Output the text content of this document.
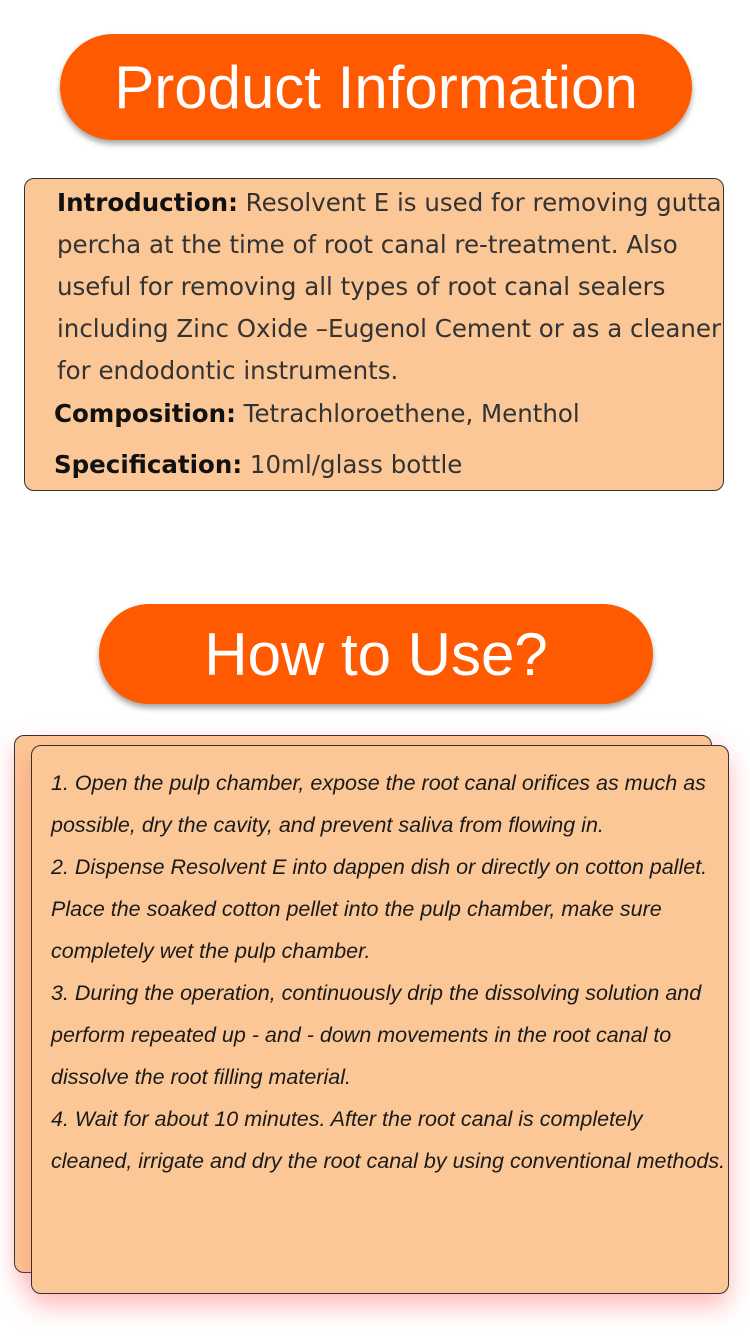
Product Information

Introduction: Resolvent E is used for removing gutta percha at the time of root canal re-treatment. Also useful for removing all types of root canal sealers including Zinc Oxide –Eugenol Cement or as a cleaner for endodontic instruments.

Composition: Tetrachloroethene, Menthol
Specification: 10ml/glass bottle
How to Use?
1. Open the pulp chamber, expose the root canal orifices as much as possible, dry the cavity, and prevent saliva from flowing in.
2. Dispense Resolvent E into dappen dish or directly on cotton pallet. Place the soaked cotton pellet into the pulp chamber, make sure completely wet the pulp chamber.
3. During the operation, continuously drip the dissolving solution and perform repeated up - and - down movements in the root canal to dissolve the root filling material.
4. Wait for about 10 minutes. After the root canal is completely cleaned, irrigate and dry the root canal by using conventional methods.
